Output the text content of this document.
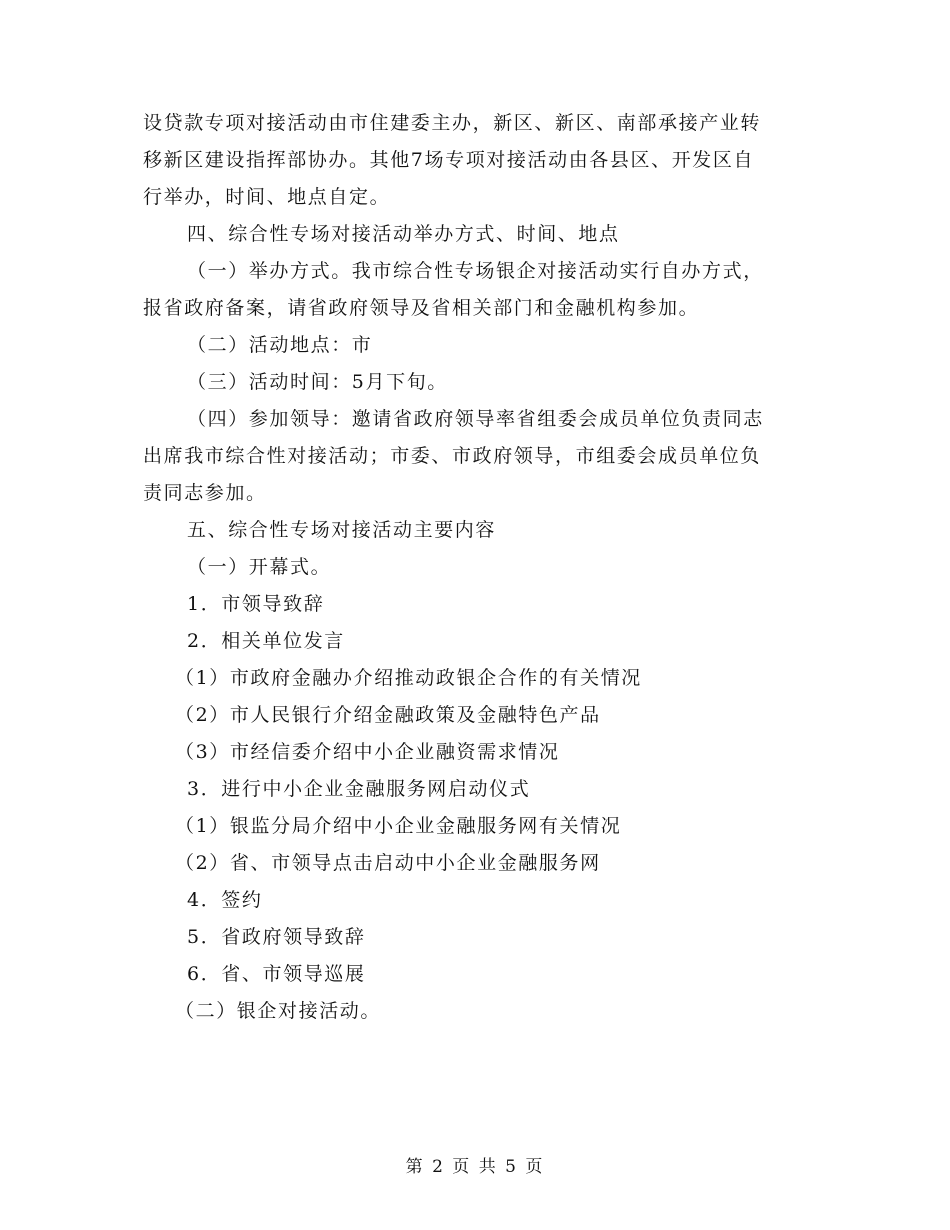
设贷款专项对接活动由市住建委主办，新区、新区、南部承接产业转
移新区建设指挥部协办。其他7场专项对接活动由各县区、开发区自
行举办，时间、地点自定。
四、综合性专场对接活动举办方式、时间、地点
（一）举办方式。我市综合性专场银企对接活动实行自办方式，
报省政府备案，请省政府领导及省相关部门和金融机构参加。
（二）活动地点：市
（三）活动时间：5月下旬。
（四）参加领导：邀请省政府领导率省组委会成员单位负责同志
出席我市综合性对接活动；市委、市政府领导，市组委会成员单位负
责同志参加。
五、综合性专场对接活动主要内容
（一）开幕式。
1．市领导致辞
2．相关单位发言
（1）市政府金融办介绍推动政银企合作的有关情况
（2）市人民银行介绍金融政策及金融特色产品
（3）市经信委介绍中小企业融资需求情况
3．进行中小企业金融服务网启动仪式
（1）银监分局介绍中小企业金融服务网有关情况
（2）省、市领导点击启动中小企业金融服务网
4．签约
5．省政府领导致辞
6．省、市领导巡展
（二）银企对接活动。
第 2 页 共 5 页
